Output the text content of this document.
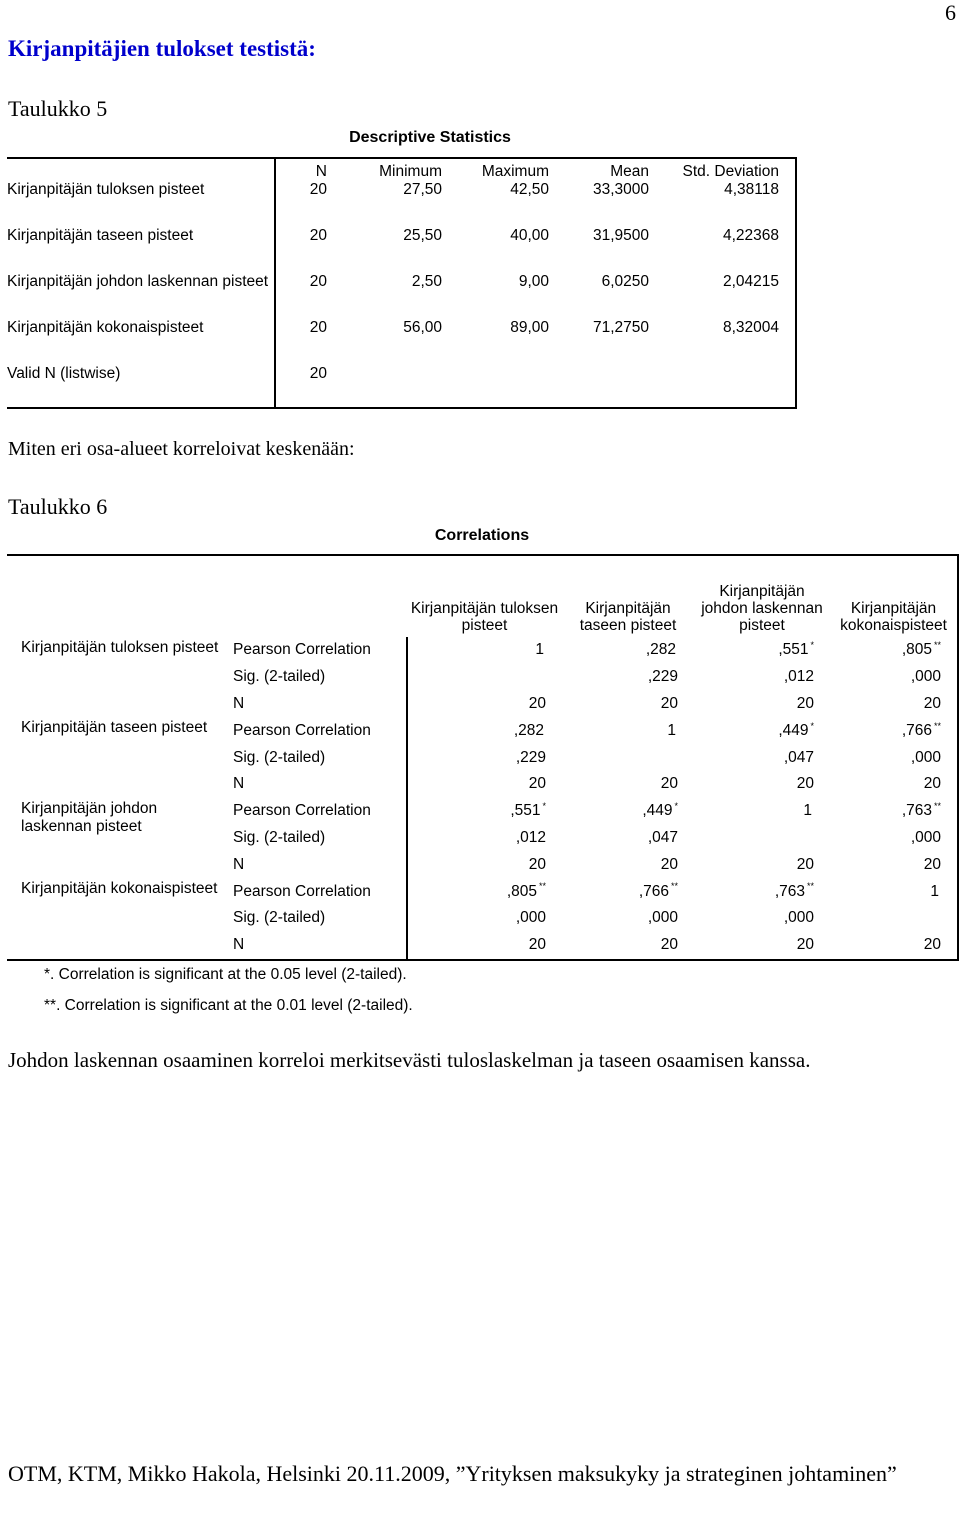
6
Kirjanpitäjien tulokset testistä:
Taulukko 5
Descriptive Statistics
	N	Minimum	Maximum	Mean	Std. Deviation
Kirjanpitäjän tuloksen pisteet	20	27,50	42,50	33,3000	4,38118
Kirjanpitäjän taseen pisteet	20	25,50	40,00	31,9500	4,22368
Kirjanpitäjän johdon laskennan pisteet	20	2,50	9,00	6,0250	2,04215
Kirjanpitäjän kokonaispisteet	20	56,00	89,00	71,2750	8,32004
Valid N (listwise)	20				
Miten eri osa-alueet korreloivat keskenään:
Taulukko 6
Correlations
		Kirjanpitäjän tuloksen pisteet	Kirjanpitäjän taseen pisteet	Kirjanpitäjän johdon laskennan pisteet	Kirjanpitäjän kokonaispisteet
Kirjanpitäjän tuloksen pisteet	Pearson Correlation	1	,282	,551 *	,805 **
	Sig. (2-tailed)		,229	,012	,000
	N	20	20	20	20
Kirjanpitäjän taseen pisteet	Pearson Correlation	,282	1	,449 *	,766 **
	Sig. (2-tailed)	,229		,047	,000
	N	20	20	20	20
Kirjanpitäjän johdon laskennan pisteet	Pearson Correlation	,551 *	,449 *	1	,763 **
	Sig. (2-tailed)	,012	,047		,000
	N	20	20	20	20
Kirjanpitäjän kokonaispisteet	Pearson Correlation	,805 **	,766 **	,763 **	1
	Sig. (2-tailed)	,000	,000	,000	
	N	20	20	20	20
*. Correlation is significant at the 0.05 level (2-tailed).
**. Correlation is significant at the 0.01 level (2-tailed).
Johdon laskennan osaaminen korreloi merkitsevästi tuloslaskelman ja taseen osaamisen kanssa.
OTM, KTM, Mikko Hakola, Helsinki 20.11.2009, ”Yrityksen maksukyky ja strateginen johtaminen”
